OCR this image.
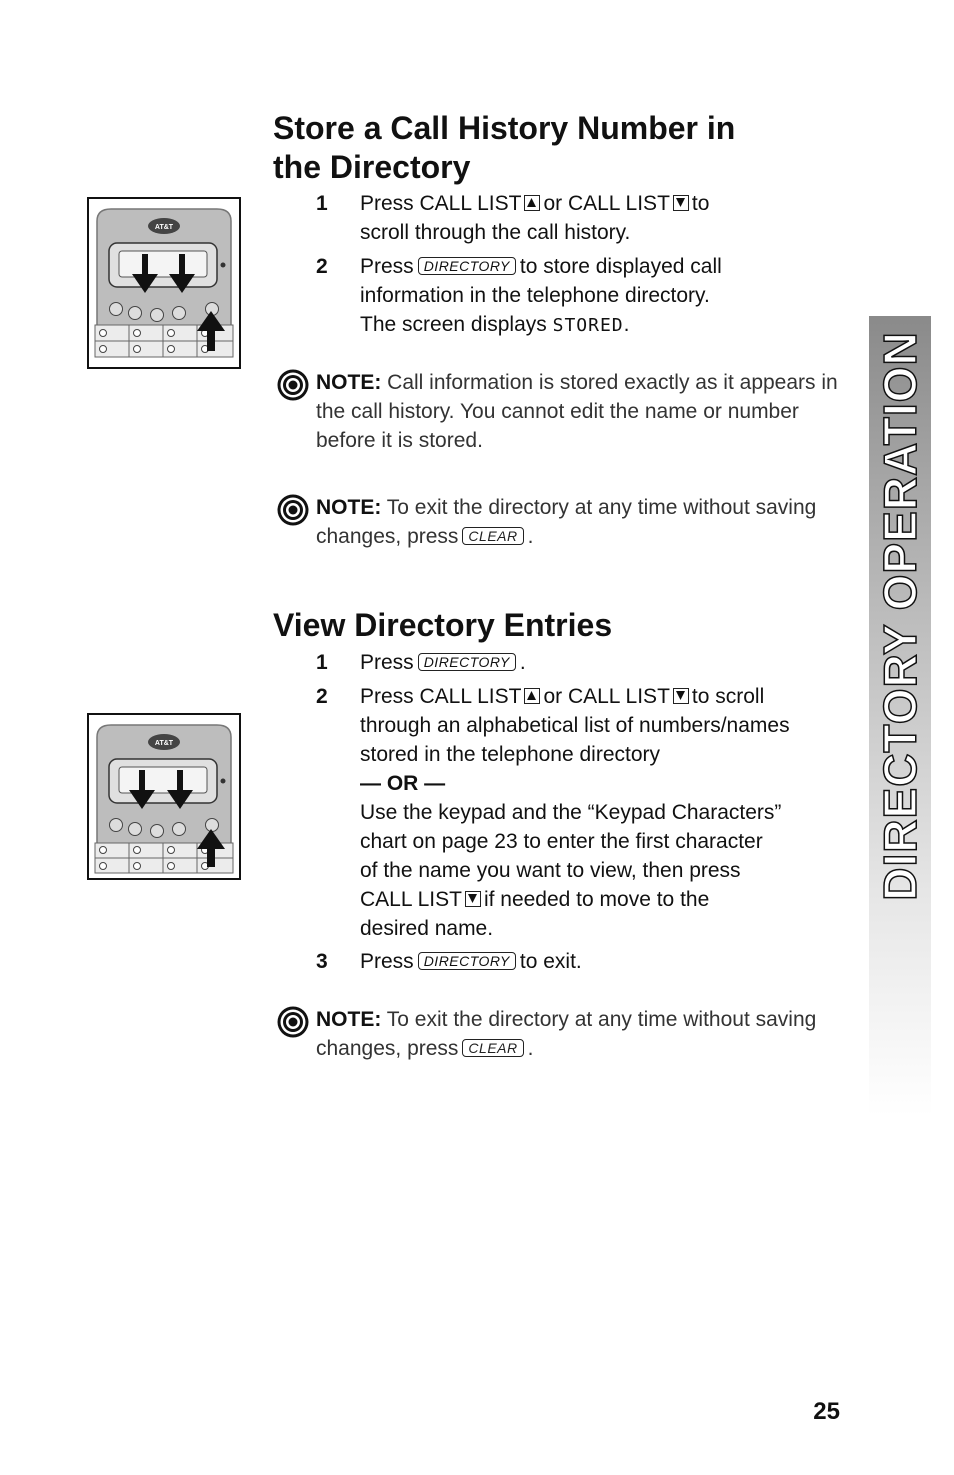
DIRECTORY OPERATION
Store a Call History Number in
the Directory
AT&T
1 Press CALL LIST or CALL LIST to

scroll through the call history.

2 Press DIRECTORY to store displayed call

information in the telephone directory.

The screen displays STORED.

NOTE: Call information is stored exactly as it appears in the call history. You cannot edit the name or number before it is stored.
NOTE: To exit the directory at any time without saving changes, press CLEAR .
View Directory Entries
AT&T
1 Press DIRECTORY .

2 Press CALL LIST or CALL LIST to scroll

through an alphabetical list of numbers/names

stored in the telephone directory

— OR —

Use the keypad and the “Keypad Characters”

chart on page 23 to enter the first character

of the name you want to view, then press

CALL LIST if needed to move to the

desired name.

3 Press DIRECTORY to exit.

NOTE: To exit the directory at any time without saving changes, press CLEAR .
25
